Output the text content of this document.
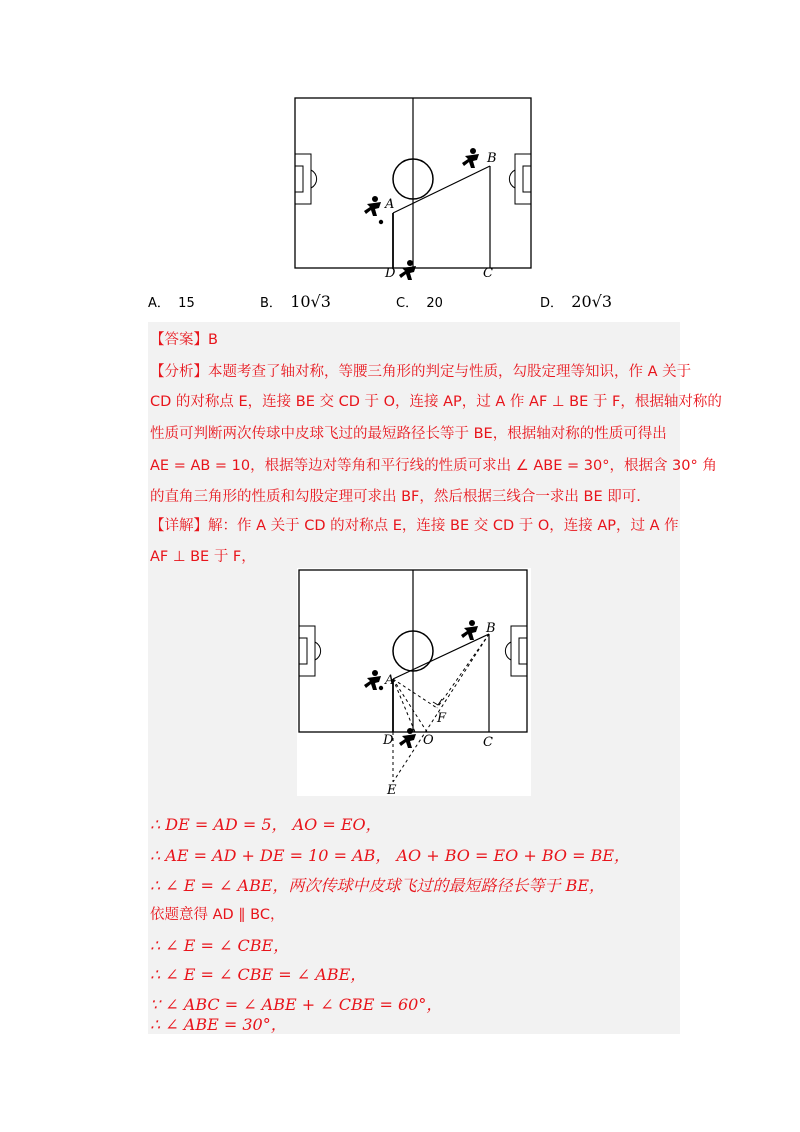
A
B
C
D
A． 15	B． 10√3	C． 20	D． 20√3
【答案】B
【分析】本题考查了轴对称，等腰三角形的判定与性质，勾股定理等知识，作 A 关于
CD 的对称点 E，连接 BE 交 CD 于 O，连接 AP，过 A 作 AF ⊥ BE 于 F，根据轴对称的
性质可判断两次传球中皮球飞过的最短路径长等于 BE，根据轴对称的性质可得出
AE = AB = 10，根据等边对等角和平行线的性质可求出 ∠ ABE = 30°，根据含 30° 角
的直角三角形的性质和勾股定理可求出 BF，然后根据三线合一求出 BE 即可.
【详解】解：作 A 关于 CD 的对称点 E，连接 BE 交 CD 于 O，连接 AP，过 A 作
AF ⊥ BE 于 F，
A
B
C
D O
F
E
∴ DE = AD = 5， AO = EO，
∴ AE = AD + DE = 10 = AB， AO + BO = EO + BO = BE，
∴ ∠ E = ∠ ABE，两次传球中皮球飞过的最短路径长等于 BE，
依题意得 AD ∥ BC，
∴ ∠ E = ∠ CBE，
∴ ∠ E = ∠ CBE = ∠ ABE，
∵ ∠ ABC = ∠ ABE + ∠ CBE = 60°，
∴ ∠ ABE = 30°，
